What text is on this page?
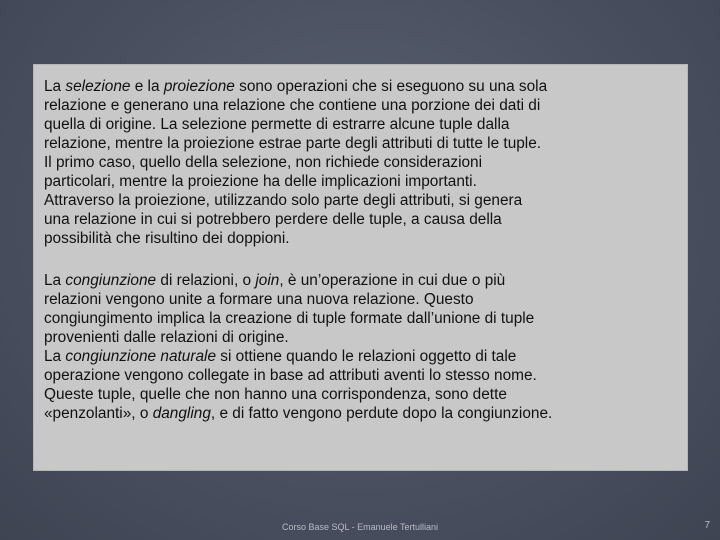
La selezione e la proiezione sono operazioni che si eseguono su una sola
relazione e generano una relazione che contiene una porzione dei dati di
quella di origine. La selezione permette di estrarre alcune tuple dalla
relazione, mentre la proiezione estrae parte degli attributi di tutte le tuple.
Il primo caso, quello della selezione, non richiede considerazioni
particolari, mentre la proiezione ha delle implicazioni importanti.
Attraverso la proiezione, utilizzando solo parte degli attributi, si genera
una relazione in cui si potrebbero perdere delle tuple, a causa della
possibilità che risultino dei doppioni.

La congiunzione di relazioni, o join, è un’operazione in cui due o più
relazioni vengono unite a formare una nuova relazione. Questo
congiungimento implica la creazione di tuple formate dall’unione di tuple
provenienti dalle relazioni di origine.
La congiunzione naturale si ottiene quando le relazioni oggetto di tale
operazione vengono collegate in base ad attributi aventi lo stesso nome.
Queste tuple, quelle che non hanno una corrispondenza, sono dette
«penzolanti», o dangling, e di fatto vengono perdute dopo la congiunzione.

Corso Base SQL - Emanuele Tertulliani	7
